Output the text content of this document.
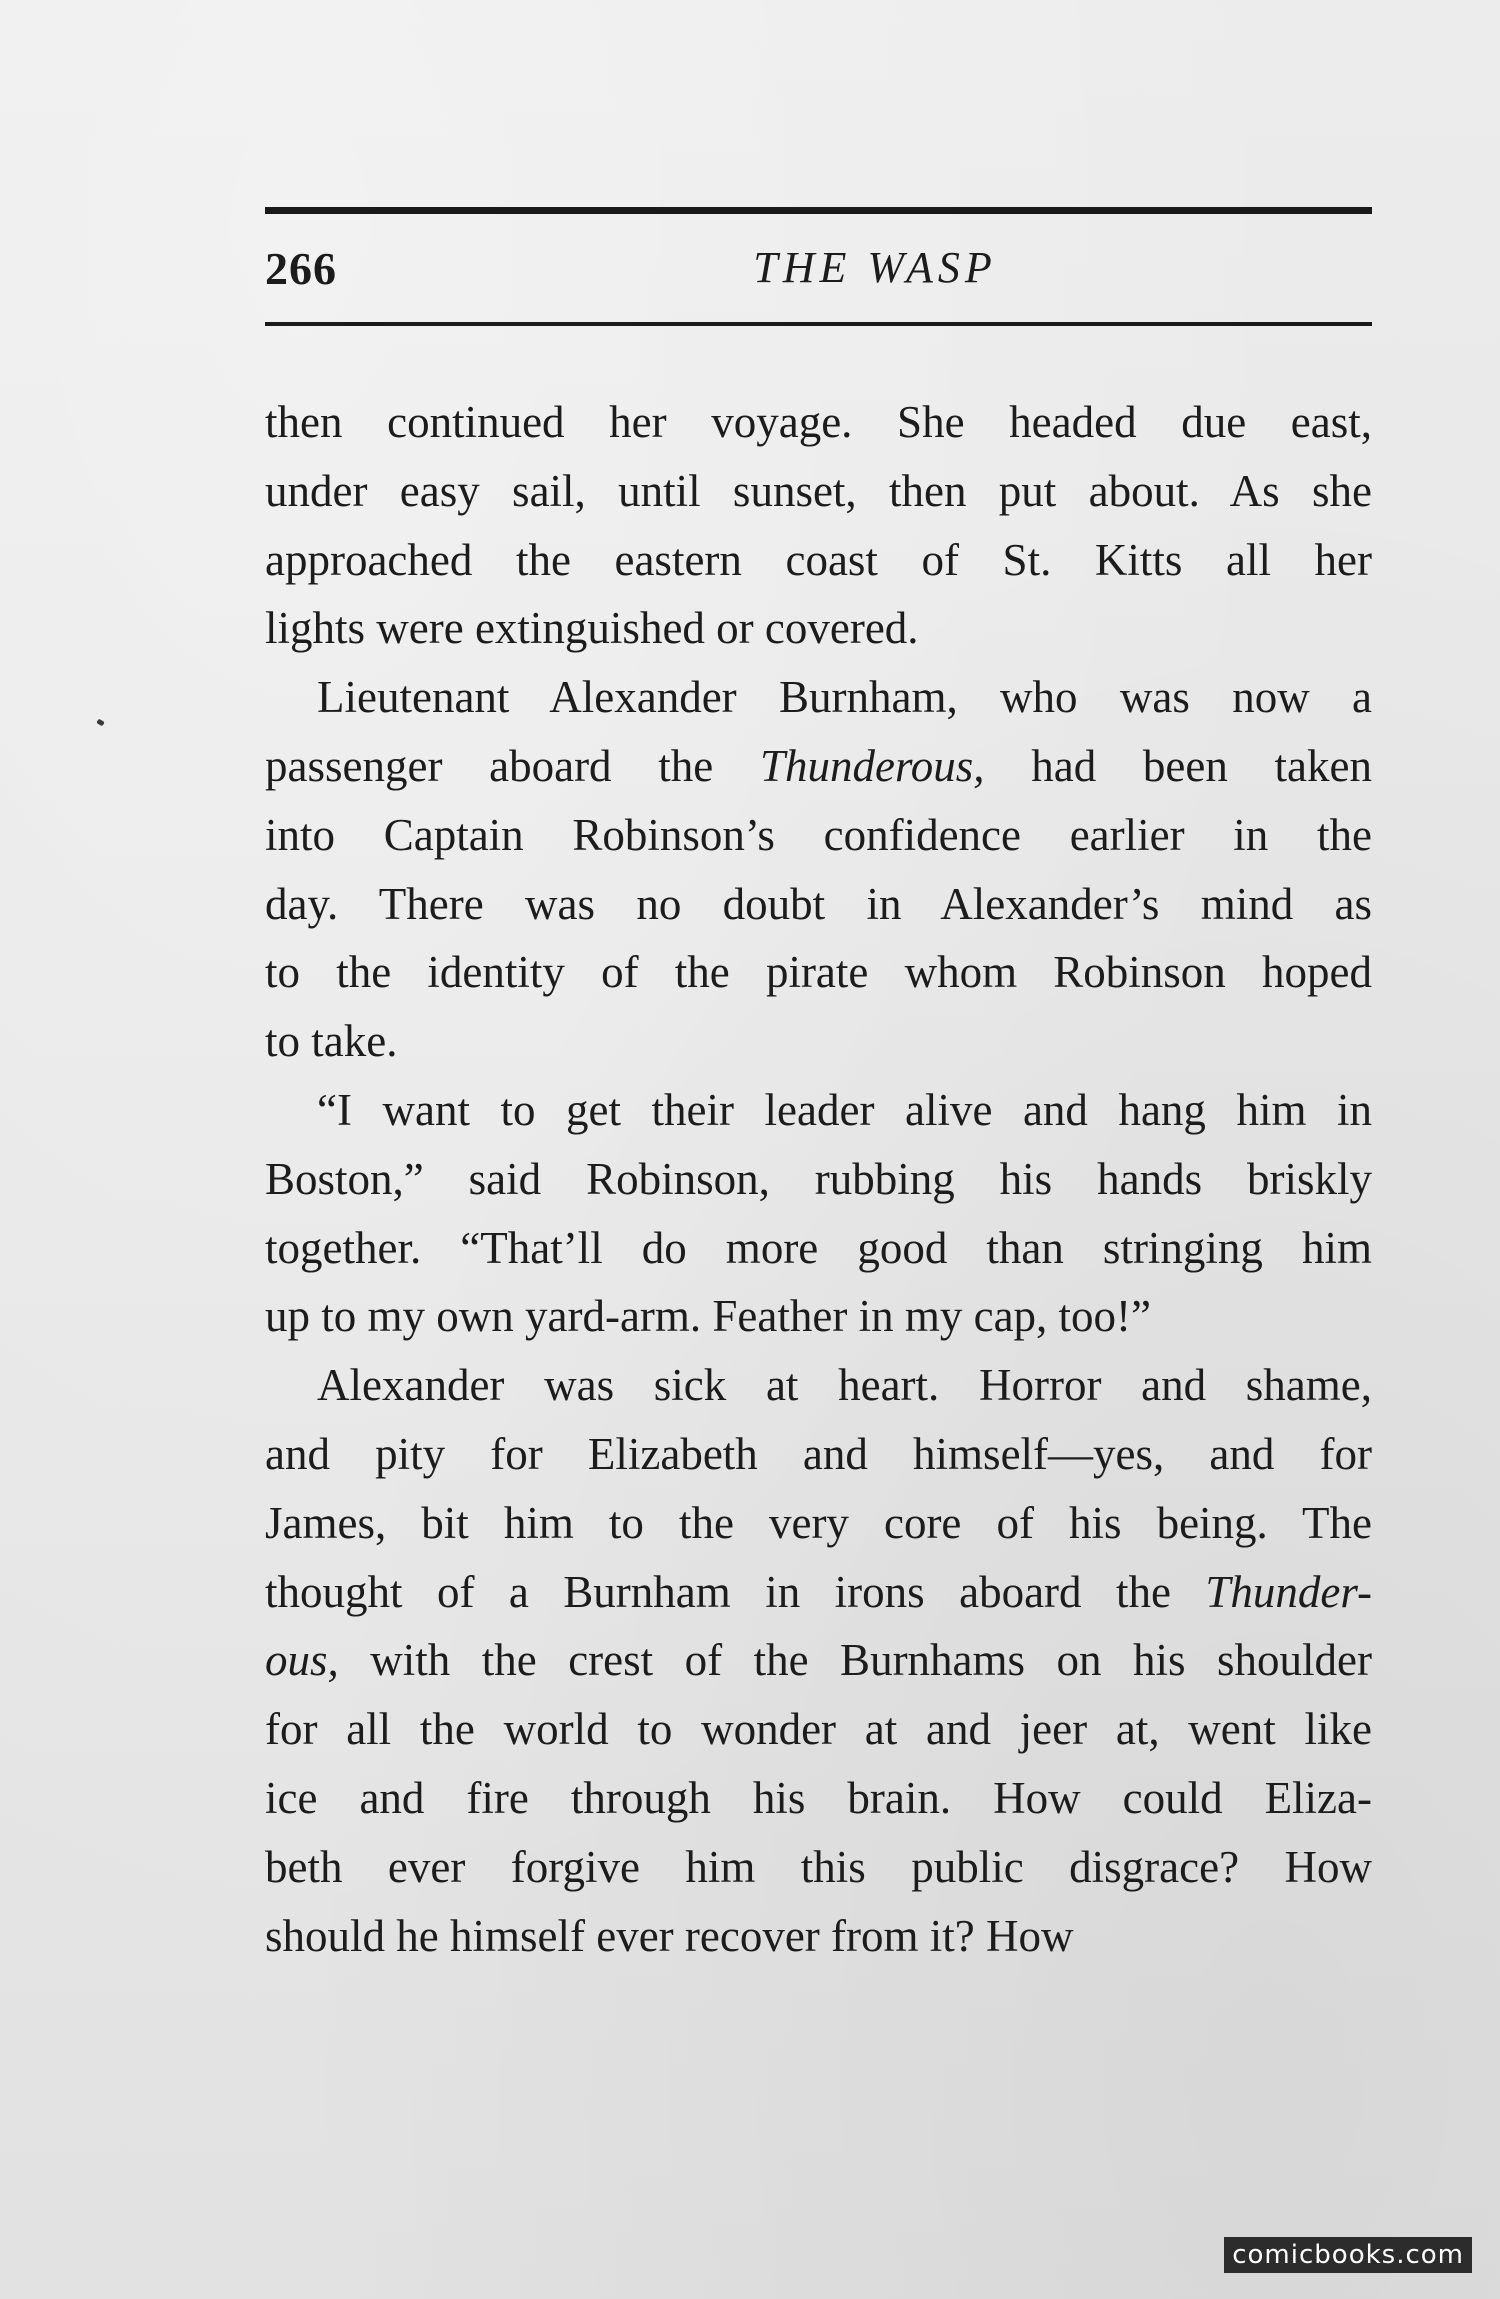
266	THE WASP
then continued her voyage. She headed due east,
under easy sail, until sunset, then put about. As she
approached the eastern coast of St. Kitts all her
lights were extinguished or covered.
Lieutenant Alexander Burnham, who was now a
passenger aboard the Thunderous, had been taken
into Captain Robinson’s confidence earlier in the
day. There was no doubt in Alexander’s mind as
to the identity of the pirate whom Robinson hoped
to take.
“I want to get their leader alive and hang him in
Boston,” said Robinson, rubbing his hands briskly
together. “That’ll do more good than stringing him
up to my own yard-arm. Feather in my cap, too!”
Alexander was sick at heart. Horror and shame,
and pity for Elizabeth and himself—yes, and for
James, bit him to the very core of his being. The
thought of a Burnham in irons aboard the Thunder-
ous, with the crest of the Burnhams on his shoulder
for all the world to wonder at and jeer at, went like
ice and fire through his brain. How could Eliza-
beth ever forgive him this public disgrace? How
should he himself ever recover from it? How
comicbooks.com
